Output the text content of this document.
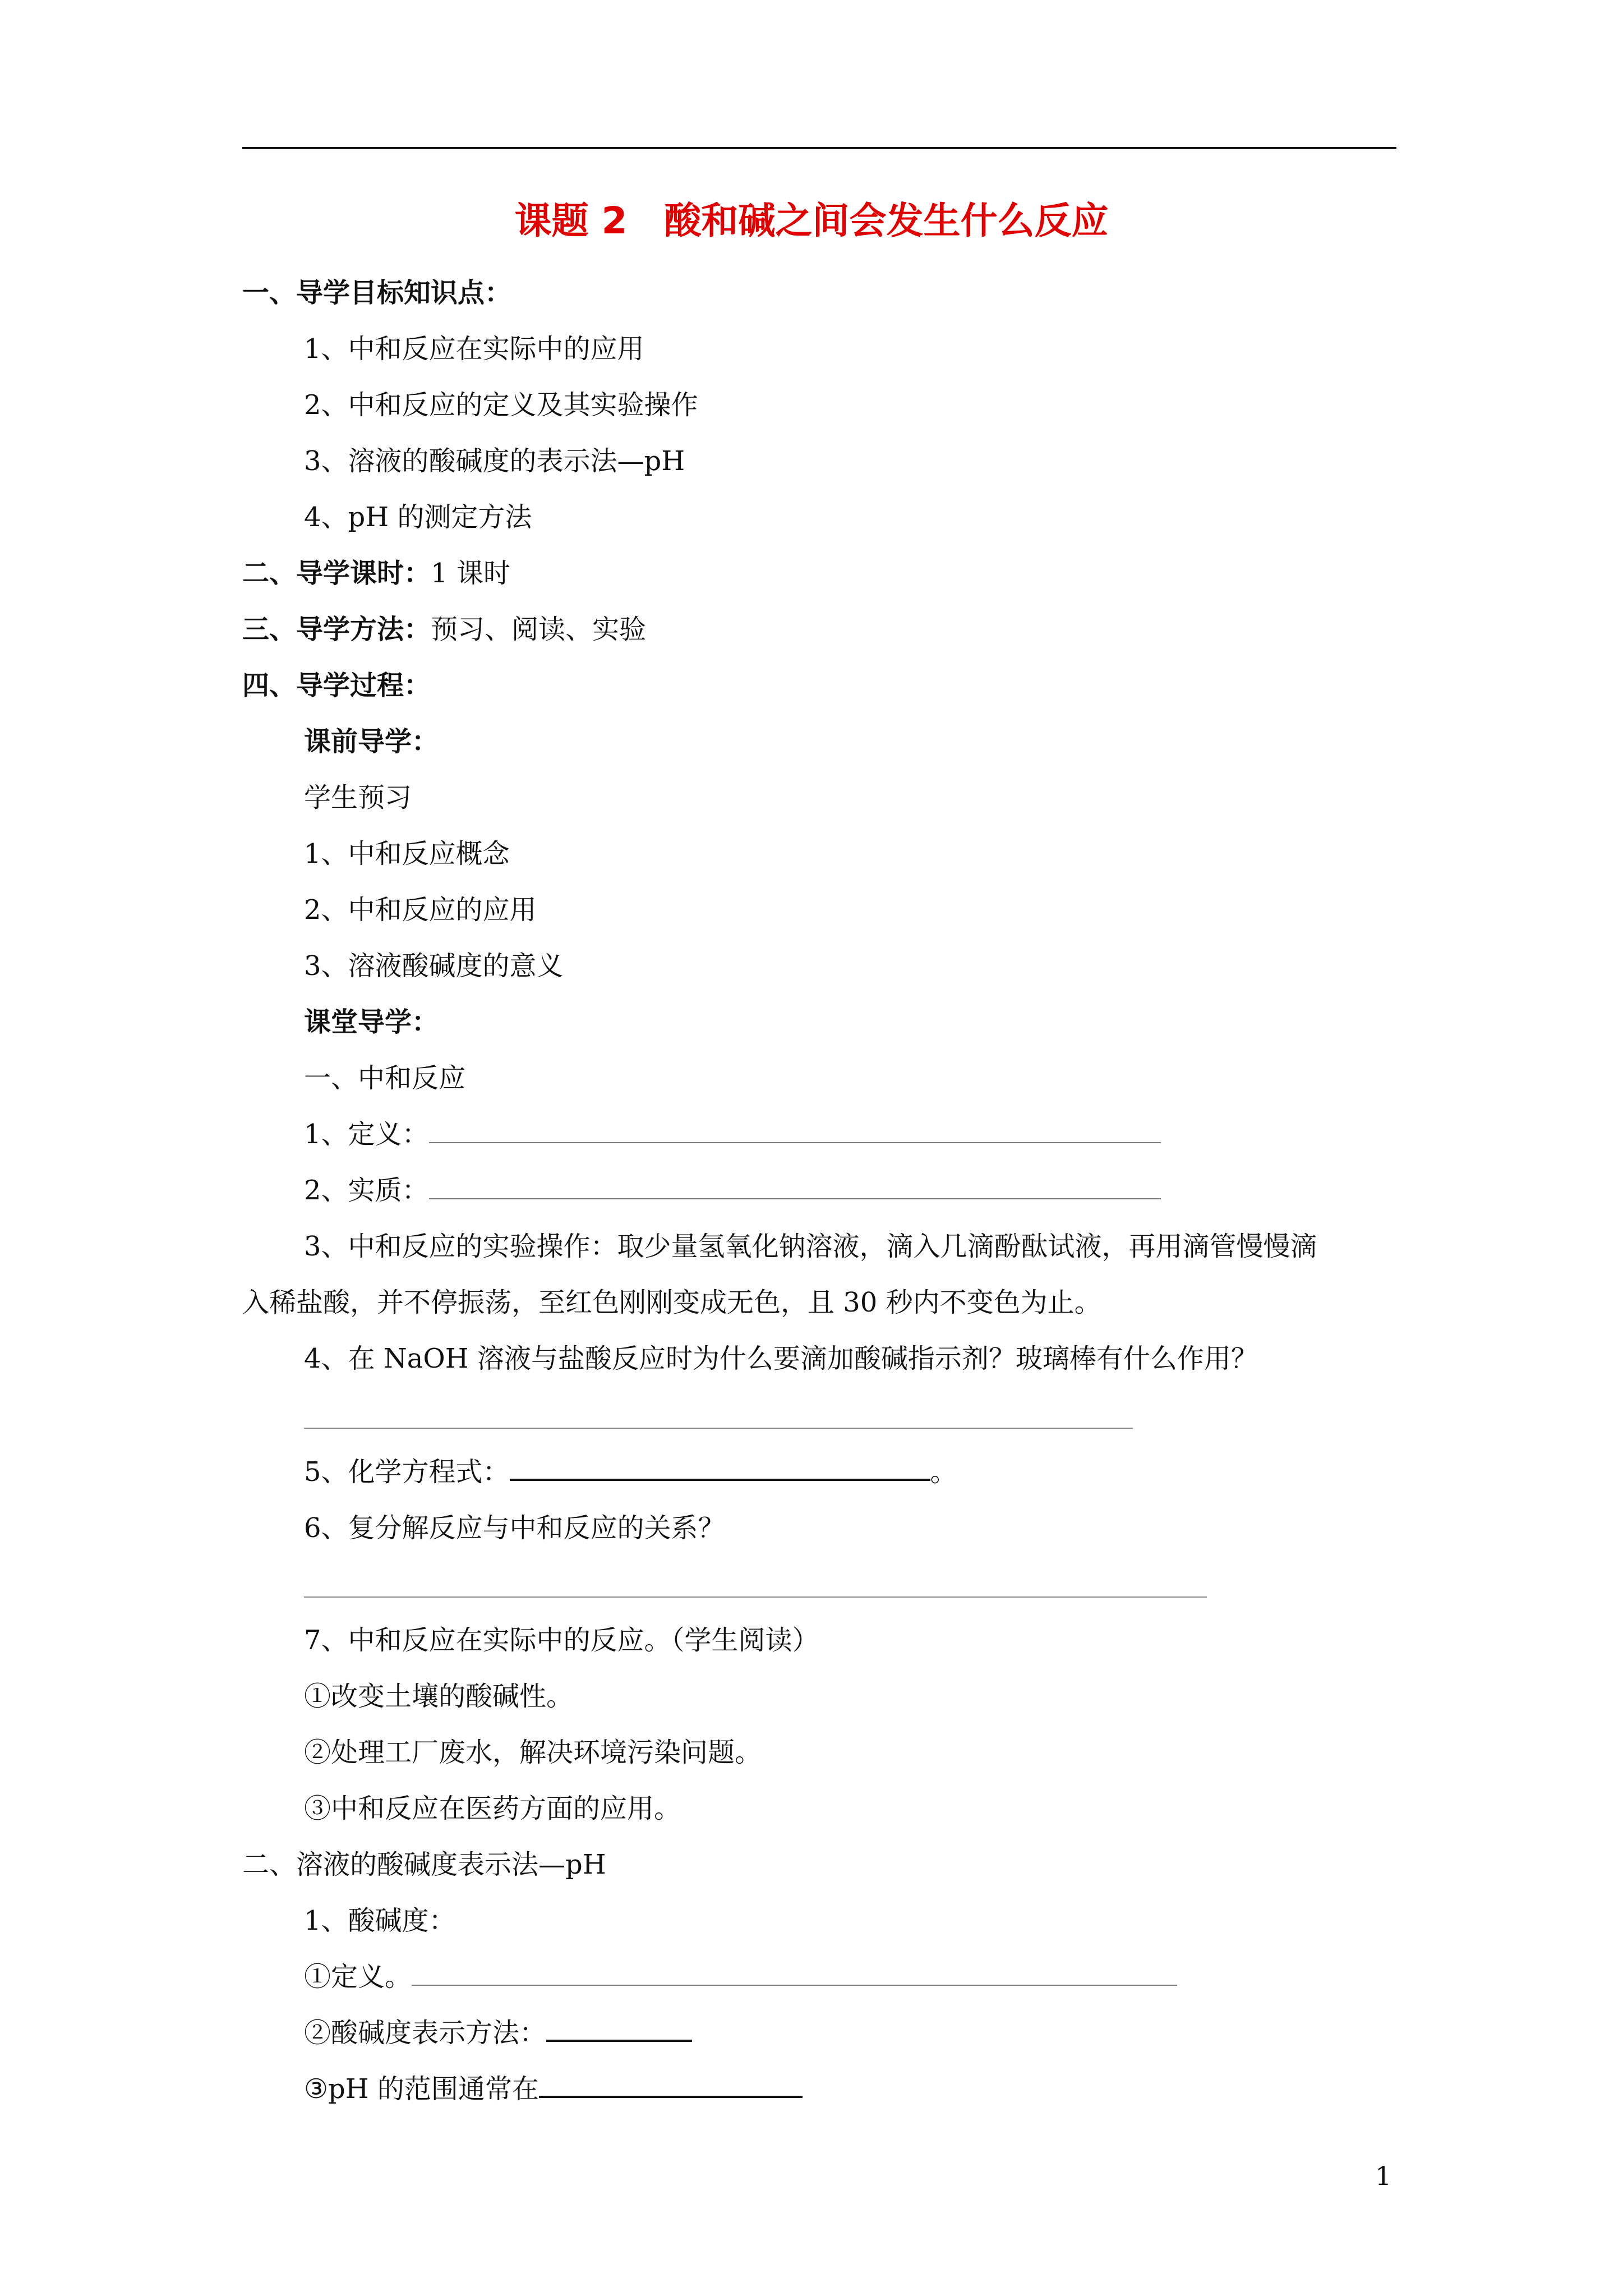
课题 2　酸和碱之间会发生什么反应
一、导学目标知识点：
1、中和反应在实际中的应用
2、中和反应的定义及其实验操作
3、溶液的酸碱度的表示法—pH
4、pH 的测定方法
二、导学课时：1 课时
三、导学方法：预习、阅读、实验
四、导学过程：
课前导学：
学生预习
1、中和反应概念
2、中和反应的应用
3、溶液酸碱度的意义
课堂导学：
一、中和反应
1、定义：
2、实质：
3、中和反应的实验操作：取少量氢氧化钠溶液，滴入几滴酚酞试液，再用滴管慢慢滴
入稀盐酸，并不停振荡，至红色刚刚变成无色，且 30 秒内不变色为止。
4、在 NaOH 溶液与盐酸反应时为什么要滴加酸碱指示剂？玻璃棒有什么作用？
5、化学方程式：	。
6、复分解反应与中和反应的关系？
7、中和反应在实际中的反应。（学生阅读）
①改变土壤的酸碱性。
②处理工厂废水，解决环境污染问题。
③中和反应在医药方面的应用。
二、溶液的酸碱度表示法—pH
1、酸碱度：
①定义。
②酸碱度表示方法：
③pH 的范围通常在
1
